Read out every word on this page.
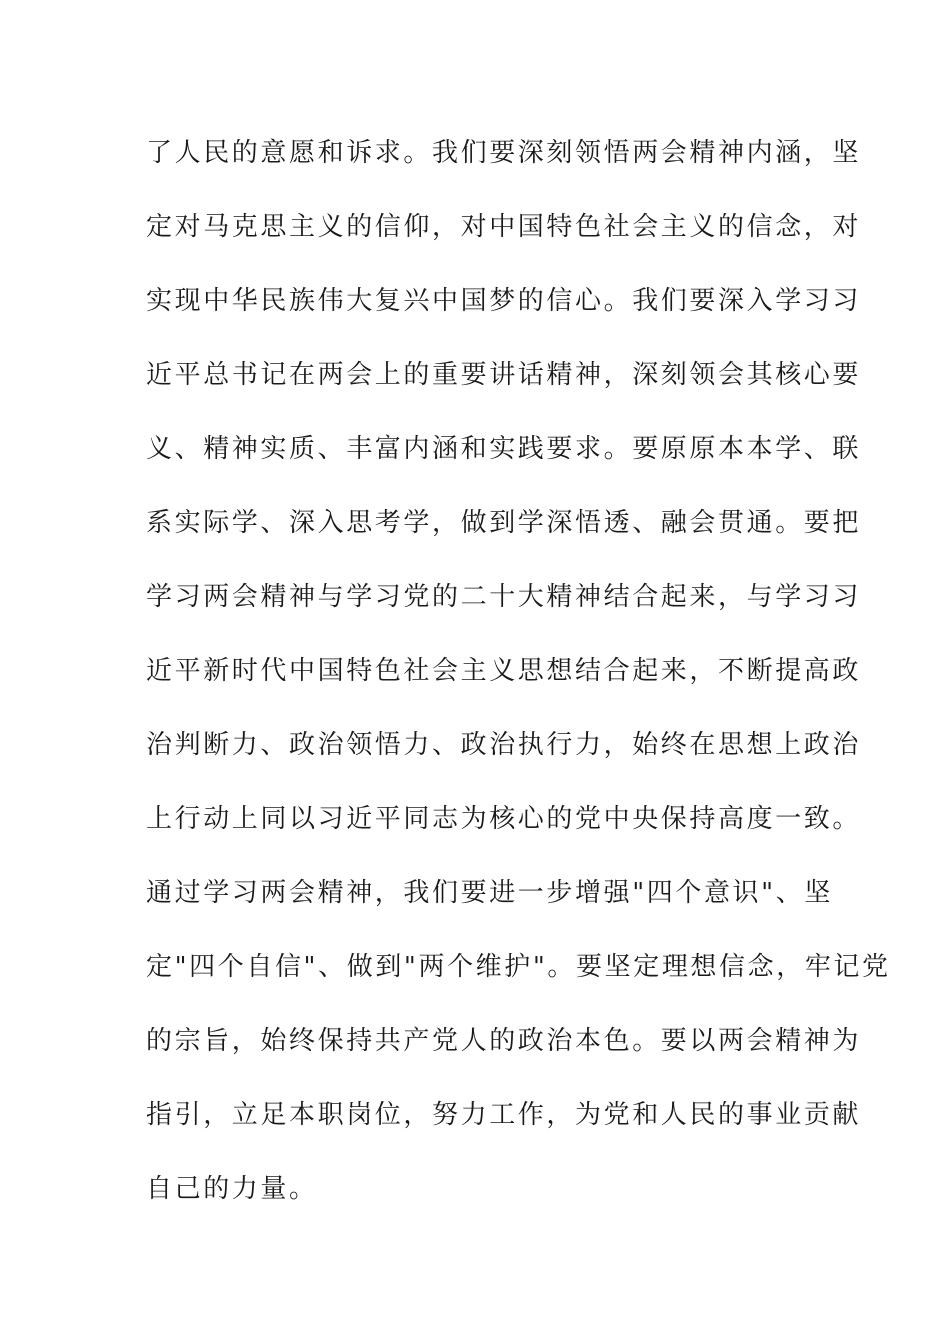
了人民的意愿和诉求。我们要深刻领悟两会精神内涵，坚
定对马克思主义的信仰，对中国特色社会主义的信念，对
实现中华民族伟大复兴中国梦的信心。我们要深入学习习
近平总书记在两会上的重要讲话精神，深刻领会其核心要
义、精神实质、丰富内涵和实践要求。要原原本本学、联
系实际学、深入思考学，做到学深悟透、融会贯通。要把
学习两会精神与学习党的二十大精神结合起来，与学习习
近平新时代中国特色社会主义思想结合起来，不断提高政
治判断力、政治领悟力、政治执行力，始终在思想上政治
上行动上同以习近平同志为核心的党中央保持高度一致。
通过学习两会精神，我们要进一步增强"四个意识"、坚
定"四个自信"、做到"两个维护"。要坚定理想信念，牢记党
的宗旨，始终保持共产党人的政治本色。要以两会精神为
指引，立足本职岗位，努力工作，为党和人民的事业贡献
自己的力量。
